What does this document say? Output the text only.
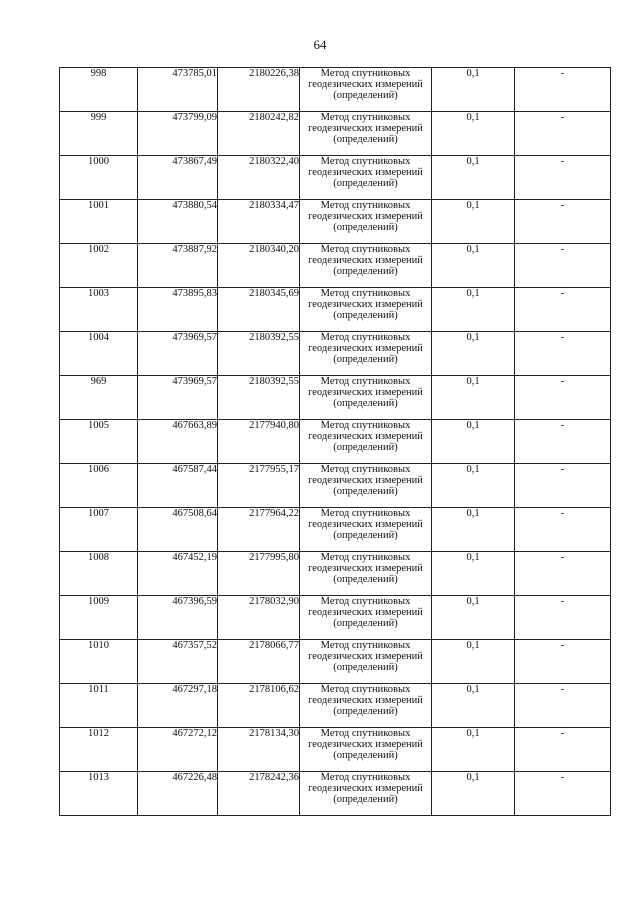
64
998	473785,01	2180226,38	Метод спутниковых
геодезических измерений
(определений)	0,1	-
999	473799,09	2180242,82	Метод спутниковых
геодезических измерений
(определений)	0,1	-
1000	473867,49	2180322,40	Метод спутниковых
геодезических измерений
(определений)	0,1	-
1001	473880,54	2180334,47	Метод спутниковых
геодезических измерений
(определений)	0,1	-
1002	473887,92	2180340,20	Метод спутниковых
геодезических измерений
(определений)	0,1	-
1003	473895,83	2180345,69	Метод спутниковых
геодезических измерений
(определений)	0,1	-
1004	473969,57	2180392,55	Метод спутниковых
геодезических измерений
(определений)	0,1	-
969	473969,57	2180392,55	Метод спутниковых
геодезических измерений
(определений)	0,1	-
1005	467663,89	2177940,80	Метод спутниковых
геодезических измерений
(определений)	0,1	-
1006	467587,44	2177955,17	Метод спутниковых
геодезических измерений
(определений)	0,1	-
1007	467508,64	2177964,22	Метод спутниковых
геодезических измерений
(определений)	0,1	-
1008	467452,19	2177995,80	Метод спутниковых
геодезических измерений
(определений)	0,1	-
1009	467396,59	2178032,90	Метод спутниковых
геодезических измерений
(определений)	0,1	-
1010	467357,52	2178066,77	Метод спутниковых
геодезических измерений
(определений)	0,1	-
1011	467297,18	2178106,62	Метод спутниковых
геодезических измерений
(определений)	0,1	-
1012	467272,12	2178134,30	Метод спутниковых
геодезических измерений
(определений)	0,1	-
1013	467226,48	2178242,36	Метод спутниковых
геодезических измерений
(определений)	0,1	-
